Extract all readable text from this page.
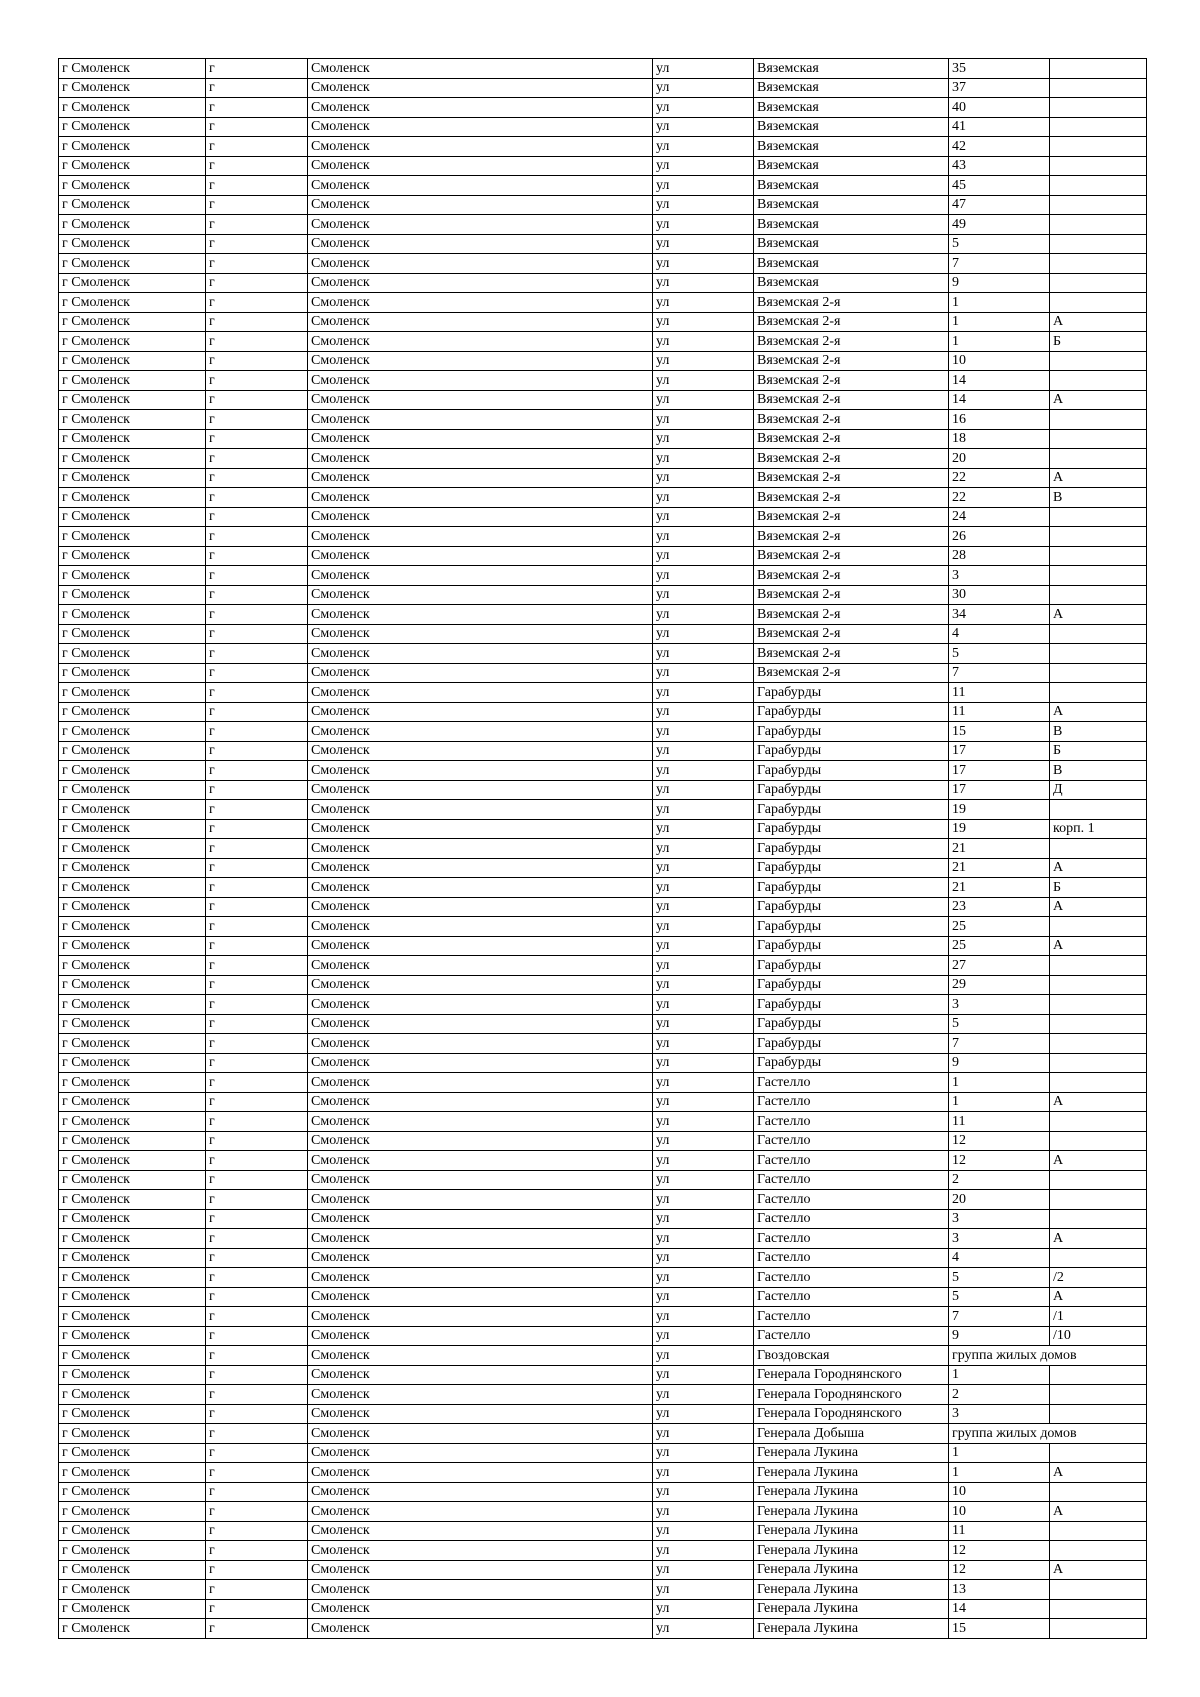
г Смоленск	г	Смоленск	ул	Вяземская	35	
г Смоленск	г	Смоленск	ул	Вяземская	37	
г Смоленск	г	Смоленск	ул	Вяземская	40	
г Смоленск	г	Смоленск	ул	Вяземская	41	
г Смоленск	г	Смоленск	ул	Вяземская	42	
г Смоленск	г	Смоленск	ул	Вяземская	43	
г Смоленск	г	Смоленск	ул	Вяземская	45	
г Смоленск	г	Смоленск	ул	Вяземская	47	
г Смоленск	г	Смоленск	ул	Вяземская	49	
г Смоленск	г	Смоленск	ул	Вяземская	5	
г Смоленск	г	Смоленск	ул	Вяземская	7	
г Смоленск	г	Смоленск	ул	Вяземская	9	
г Смоленск	г	Смоленск	ул	Вяземская 2-я	1	
г Смоленск	г	Смоленск	ул	Вяземская 2-я	1	А
г Смоленск	г	Смоленск	ул	Вяземская 2-я	1	Б
г Смоленск	г	Смоленск	ул	Вяземская 2-я	10	
г Смоленск	г	Смоленск	ул	Вяземская 2-я	14	
г Смоленск	г	Смоленск	ул	Вяземская 2-я	14	А
г Смоленск	г	Смоленск	ул	Вяземская 2-я	16	
г Смоленск	г	Смоленск	ул	Вяземская 2-я	18	
г Смоленск	г	Смоленск	ул	Вяземская 2-я	20	
г Смоленск	г	Смоленск	ул	Вяземская 2-я	22	А
г Смоленск	г	Смоленск	ул	Вяземская 2-я	22	В
г Смоленск	г	Смоленск	ул	Вяземская 2-я	24	
г Смоленск	г	Смоленск	ул	Вяземская 2-я	26	
г Смоленск	г	Смоленск	ул	Вяземская 2-я	28	
г Смоленск	г	Смоленск	ул	Вяземская 2-я	3	
г Смоленск	г	Смоленск	ул	Вяземская 2-я	30	
г Смоленск	г	Смоленск	ул	Вяземская 2-я	34	А
г Смоленск	г	Смоленск	ул	Вяземская 2-я	4	
г Смоленск	г	Смоленск	ул	Вяземская 2-я	5	
г Смоленск	г	Смоленск	ул	Вяземская 2-я	7	
г Смоленск	г	Смоленск	ул	Гарабурды	11	
г Смоленск	г	Смоленск	ул	Гарабурды	11	А
г Смоленск	г	Смоленск	ул	Гарабурды	15	В
г Смоленск	г	Смоленск	ул	Гарабурды	17	Б
г Смоленск	г	Смоленск	ул	Гарабурды	17	В
г Смоленск	г	Смоленск	ул	Гарабурды	17	Д
г Смоленск	г	Смоленск	ул	Гарабурды	19	
г Смоленск	г	Смоленск	ул	Гарабурды	19	корп. 1
г Смоленск	г	Смоленск	ул	Гарабурды	21	
г Смоленск	г	Смоленск	ул	Гарабурды	21	А
г Смоленск	г	Смоленск	ул	Гарабурды	21	Б
г Смоленск	г	Смоленск	ул	Гарабурды	23	А
г Смоленск	г	Смоленск	ул	Гарабурды	25	
г Смоленск	г	Смоленск	ул	Гарабурды	25	А
г Смоленск	г	Смоленск	ул	Гарабурды	27	
г Смоленск	г	Смоленск	ул	Гарабурды	29	
г Смоленск	г	Смоленск	ул	Гарабурды	3	
г Смоленск	г	Смоленск	ул	Гарабурды	5	
г Смоленск	г	Смоленск	ул	Гарабурды	7	
г Смоленск	г	Смоленск	ул	Гарабурды	9	
г Смоленск	г	Смоленск	ул	Гастелло	1	
г Смоленск	г	Смоленск	ул	Гастелло	1	А
г Смоленск	г	Смоленск	ул	Гастелло	11	
г Смоленск	г	Смоленск	ул	Гастелло	12	
г Смоленск	г	Смоленск	ул	Гастелло	12	А
г Смоленск	г	Смоленск	ул	Гастелло	2	
г Смоленск	г	Смоленск	ул	Гастелло	20	
г Смоленск	г	Смоленск	ул	Гастелло	3	
г Смоленск	г	Смоленск	ул	Гастелло	3	А
г Смоленск	г	Смоленск	ул	Гастелло	4	
г Смоленск	г	Смоленск	ул	Гастелло	5	/2
г Смоленск	г	Смоленск	ул	Гастелло	5	А
г Смоленск	г	Смоленск	ул	Гастелло	7	/1
г Смоленск	г	Смоленск	ул	Гастелло	9	/10
г Смоленск	г	Смоленск	ул	Гвоздовская	группа жилых домов	
г Смоленск	г	Смоленск	ул	Генерала Городнянского	1	
г Смоленск	г	Смоленск	ул	Генерала Городнянского	2	
г Смоленск	г	Смоленск	ул	Генерала Городнянского	3	
г Смоленск	г	Смоленск	ул	Генерала Добыша	группа жилых домов	
г Смоленск	г	Смоленск	ул	Генерала Лукина	1	
г Смоленск	г	Смоленск	ул	Генерала Лукина	1	А
г Смоленск	г	Смоленск	ул	Генерала Лукина	10	
г Смоленск	г	Смоленск	ул	Генерала Лукина	10	А
г Смоленск	г	Смоленск	ул	Генерала Лукина	11	
г Смоленск	г	Смоленск	ул	Генерала Лукина	12	
г Смоленск	г	Смоленск	ул	Генерала Лукина	12	А
г Смоленск	г	Смоленск	ул	Генерала Лукина	13	
г Смоленск	г	Смоленск	ул	Генерала Лукина	14	
г Смоленск	г	Смоленск	ул	Генерала Лукина	15	
